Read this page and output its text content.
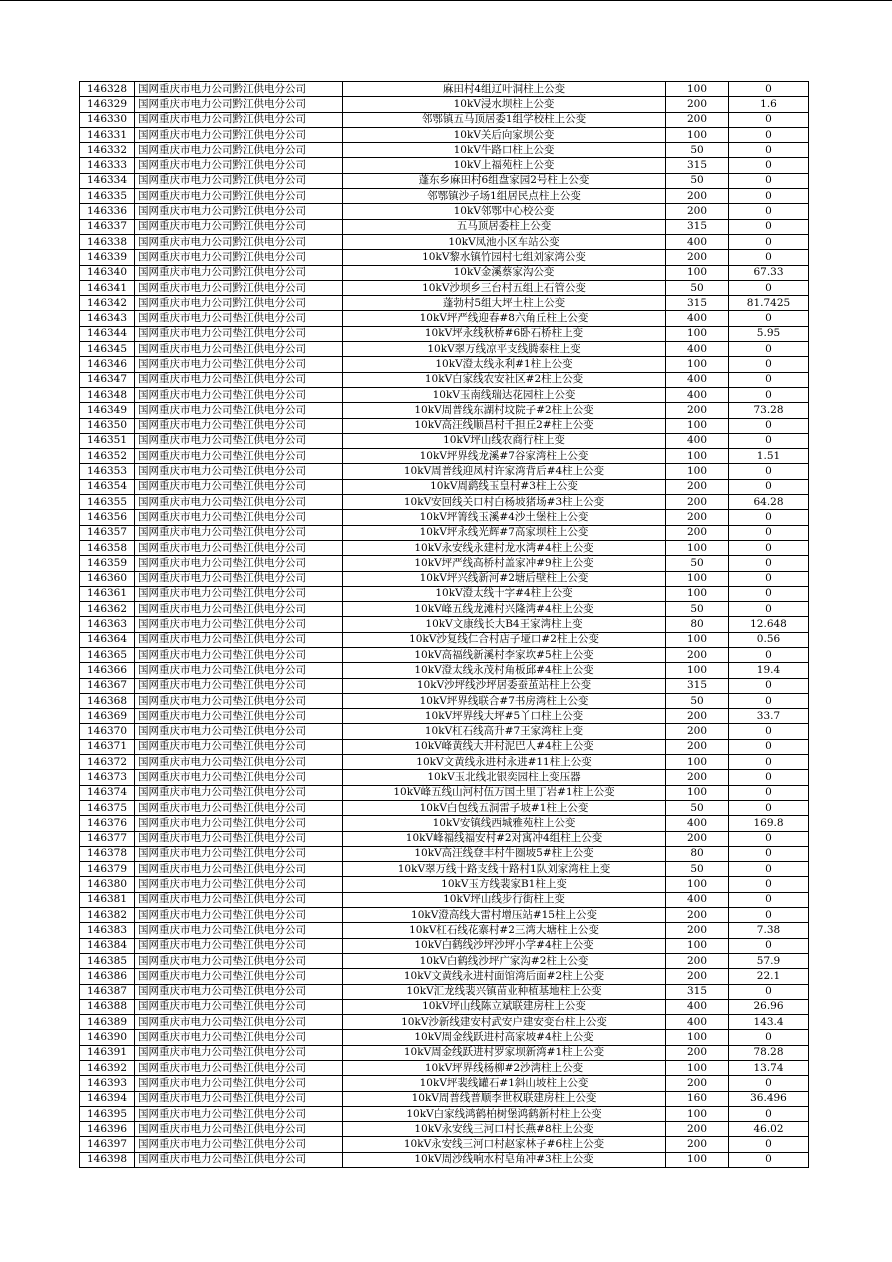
146328	国网重庆市电力公司黔江供电分公司	麻田村4组辽叶洞柱上公变	100	0
146329	国网重庆市电力公司黔江供电分公司	10kV浸水坝柱上公变	200	1.6
146330	国网重庆市电力公司黔江供电分公司	邻鄂镇五马顶居委1组学校柱上公变	200	0
146331	国网重庆市电力公司黔江供电分公司	10kV关后向家坝公变	100	0
146332	国网重庆市电力公司黔江供电分公司	10kV牛路口柱上公变	50	0
146333	国网重庆市电力公司黔江供电分公司	10kV上福苑柱上公变	315	0
146334	国网重庆市电力公司黔江供电分公司	蓬东乡麻田村6组盘家园2号柱上公变	50	0
146335	国网重庆市电力公司黔江供电分公司	邻鄂镇沙子场1组居民点柱上公变	200	0
146336	国网重庆市电力公司黔江供电分公司	10kV邻鄂中心校公变	200	0
146337	国网重庆市电力公司黔江供电分公司	五马顶居委柱上公变	315	0
146338	国网重庆市电力公司黔江供电分公司	10kV凤池小区车站公变	400	0
146339	国网重庆市电力公司黔江供电分公司	10kV黎水镇竹园村七组刘家湾公变	200	0
146340	国网重庆市电力公司黔江供电分公司	10kV金溪蔡家沟公变	100	67.33
146341	国网重庆市电力公司黔江供电分公司	10kV沙坝乡三台村五组上石管公变	50	0
146342	国网重庆市电力公司黔江供电分公司	蓬勃村5组大坪土柱上公变	315	81.7425
146343	国网重庆市电力公司垫江供电分公司	10kV坪严线迎春#8六角丘柱上公变	400	0
146344	国网重庆市电力公司垫江供电分公司	10kV坪永线秋桥#6卧石桥柱上变	100	5.95
146345	国网重庆市电力公司垫江供电分公司	10kV翠万线凉平支线腾泰柱上变	400	0
146346	国网重庆市电力公司垫江供电分公司	10kV澄太线永利#1柱上公变	100	0
146347	国网重庆市电力公司垫江供电分公司	10kV白家线农安社区#2柱上公变	400	0
146348	国网重庆市电力公司垫江供电分公司	10kV玉南线瑞达花园柱上公变	400	0
146349	国网重庆市电力公司垫江供电分公司	10kV周普线东湖村坟院子#2柱上公变	200	73.28
146350	国网重庆市电力公司垫江供电分公司	10kV高汪线顺昌村千担丘2#柱上公变	100	0
146351	国网重庆市电力公司垫江供电分公司	10kV坪山线农商行柱上变	400	0
146352	国网重庆市电力公司垫江供电分公司	10kV坪界线龙溪#7谷家湾柱上公变	100	1.51
146353	国网重庆市电力公司垫江供电分公司	10kV周普线迎凤村许家湾背后#4柱上公变	100	0
146354	国网重庆市电力公司垫江供电分公司	10kV周鹞线玉皇村#3柱上公变	200	0
146355	国网重庆市电力公司垫江供电分公司	10kV安回线关口村白杨坡猪场#3柱上公变	200	64.28
146356	国网重庆市电力公司垫江供电分公司	10kV坪箐线玉溪#4沙土堡柱上公变	200	0
146357	国网重庆市电力公司垫江供电分公司	10kV坪永线光辉#7高家坝柱上公变	200	0
146358	国网重庆市电力公司垫江供电分公司	10kV永安线永建村龙水湾#4柱上公变	100	0
146359	国网重庆市电力公司垫江供电分公司	10kV坪严线高桥村盖家冲#9柱上公变	50	0
146360	国网重庆市电力公司垫江供电分公司	10kV坪兴线新河#2塘后壁柱上公变	100	0
146361	国网重庆市电力公司垫江供电分公司	10kV澄太线十字#4柱上公变	100	0
146362	国网重庆市电力公司垫江供电分公司	10kV峰五线龙滩村兴隆湾#4柱上公变	50	0
146363	国网重庆市电力公司垫江供电分公司	10kV文康线长大B4王家湾柱上变	80	12.648
146364	国网重庆市电力公司垫江供电分公司	10kV沙复线仁合村店子垭口#2柱上公变	100	0.56
146365	国网重庆市电力公司垫江供电分公司	10kV高福线新溪村李家坎#5柱上公变	200	0
146366	国网重庆市电力公司垫江供电分公司	10kV澄太线永茂村角板邱#4柱上公变	100	19.4
146367	国网重庆市电力公司垫江供电分公司	10kV沙坪线沙坪居委蚕茧站柱上公变	315	0
146368	国网重庆市电力公司垫江供电分公司	10kV坪界线联合#7书房湾柱上公变	50	0
146369	国网重庆市电力公司垫江供电分公司	10kV坪界线大坪#5丫口柱上公变	200	33.7
146370	国网重庆市电力公司垫江供电分公司	10kV杠石线高升#7王家湾柱上变	200	0
146371	国网重庆市电力公司垫江供电分公司	10kV峰黄线大井村泥巴人#4柱上公变	200	0
146372	国网重庆市电力公司垫江供电分公司	10kV文黄线永进村永进#11柱上公变	100	0
146373	国网重庆市电力公司垫江供电分公司	10kV玉北线北银奕园柱上变压器	200	0
146374	国网重庆市电力公司垫江供电分公司	10kV峰五线山河村伍万国土里丁岩#1柱上公变	100	0
146375	国网重庆市电力公司垫江供电分公司	10kV白包线五洞雷子坡#1柱上公变	50	0
146376	国网重庆市电力公司垫江供电分公司	10kV安镇线西城雅苑柱上公变	400	169.8
146377	国网重庆市电力公司垫江供电分公司	10kV峰福线福安村#2对寓冲4组柱上公变	200	0
146378	国网重庆市电力公司垫江供电分公司	10kV高汪线登丰村牛圈坡5#柱上公变	80	0
146379	国网重庆市电力公司垫江供电分公司	10kV翠万线十路支线十路村1队刘家湾柱上变	50	0
146380	国网重庆市电力公司垫江供电分公司	10kV玉方线裴家B1柱上变	100	0
146381	国网重庆市电力公司垫江供电分公司	10kV坪山线步行街柱上变	400	0
146382	国网重庆市电力公司垫江供电分公司	10kV澄高线大雷村增压站#15柱上公变	200	0
146383	国网重庆市电力公司垫江供电分公司	10kV杠石线花寨村#2三湾大塘柱上公变	200	7.38
146384	国网重庆市电力公司垫江供电分公司	10kV白鹤线沙坪沙坪小学#4柱上公变	100	0
146385	国网重庆市电力公司垫江供电分公司	10kV白鹤线沙坪广家沟#2柱上公变	200	57.9
146386	国网重庆市电力公司垫江供电分公司	10kV文黄线永进村面馆湾后面#2柱上公变	200	22.1
146387	国网重庆市电力公司垫江供电分公司	10kV汇龙线裴兴镇苗业种植基地柱上公变	315	0
146388	国网重庆市电力公司垫江供电分公司	10kV坪山线陈立斌联建房柱上公变	400	26.96
146389	国网重庆市电力公司垫江供电分公司	10kV沙新线建安村武安户建安变台柱上公变	400	143.4
146390	国网重庆市电力公司垫江供电分公司	10kV周金线跃进村高家坡#4柱上公变	100	0
146391	国网重庆市电力公司垫江供电分公司	10kV周金线跃进村罗家坝新湾#1柱上公变	200	78.28
146392	国网重庆市电力公司垫江供电分公司	10kV坪界线杨柳#2沙湾柱上公变	100	13.74
146393	国网重庆市电力公司垫江供电分公司	10kV坪裴线罐石#1斜山坡柱上公变	200	0
146394	国网重庆市电力公司垫江供电分公司	10kV周普线普顺李世权联建房柱上公变	160	36.496
146395	国网重庆市电力公司垫江供电分公司	10kV白家线鸿鹤柏树堡鸿鹤新村柱上公变	100	0
146396	国网重庆市电力公司垫江供电分公司	10kV永安线三河口村长燕#8柱上公变	200	46.02
146397	国网重庆市电力公司垫江供电分公司	10kV永安线三河口村赵家林子#6柱上公变	200	0
146398	国网重庆市电力公司垫江供电分公司	10kV周沙线响水村皂角冲#3柱上公变	100	0
